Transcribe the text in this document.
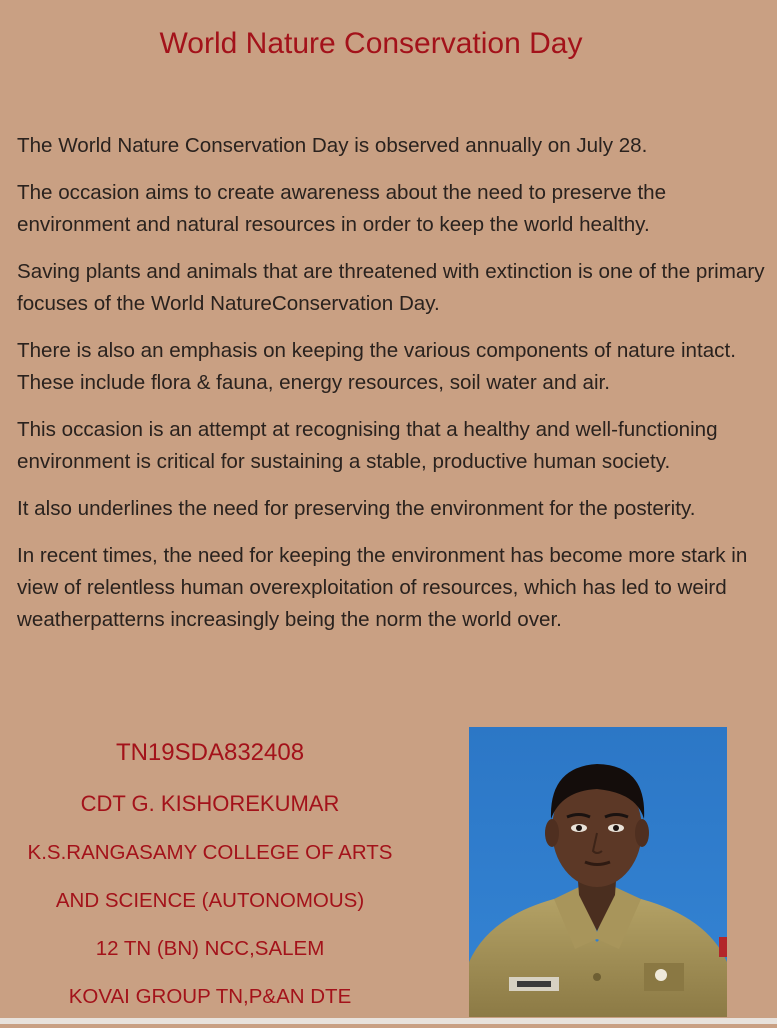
World Nature Conservation Day

The World Nature Conservation Day is observed annually on July 28.

The occasion aims to create awareness about the need to preserve the environment and natural resources in order to keep the world healthy.

Saving plants and animals that are threatened with extinction is one of the primary focuses of the World NatureConservation Day.

There is also an emphasis on keeping the various components of nature intact. These include flora & fauna, energy resources, soil water and air.

This occasion is an attempt at recognising that a healthy and well-functioning environment is critical for sustaining a stable, productive human society.

It also underlines the need for preserving the environment for the posterity.

In recent times, the need for keeping the environment has become more stark in view of relentless human overexploitation of resources, which has led to weird weatherpatterns increasingly being the norm the world over.

TN19SDA832408

CDT G. KISHOREKUMAR

K.S.RANGASAMY COLLEGE OF ARTS

AND SCIENCE (AUTONOMOUS)

12 TN (BN) NCC,SALEM

KOVAI GROUP TN,P&AN DTE
